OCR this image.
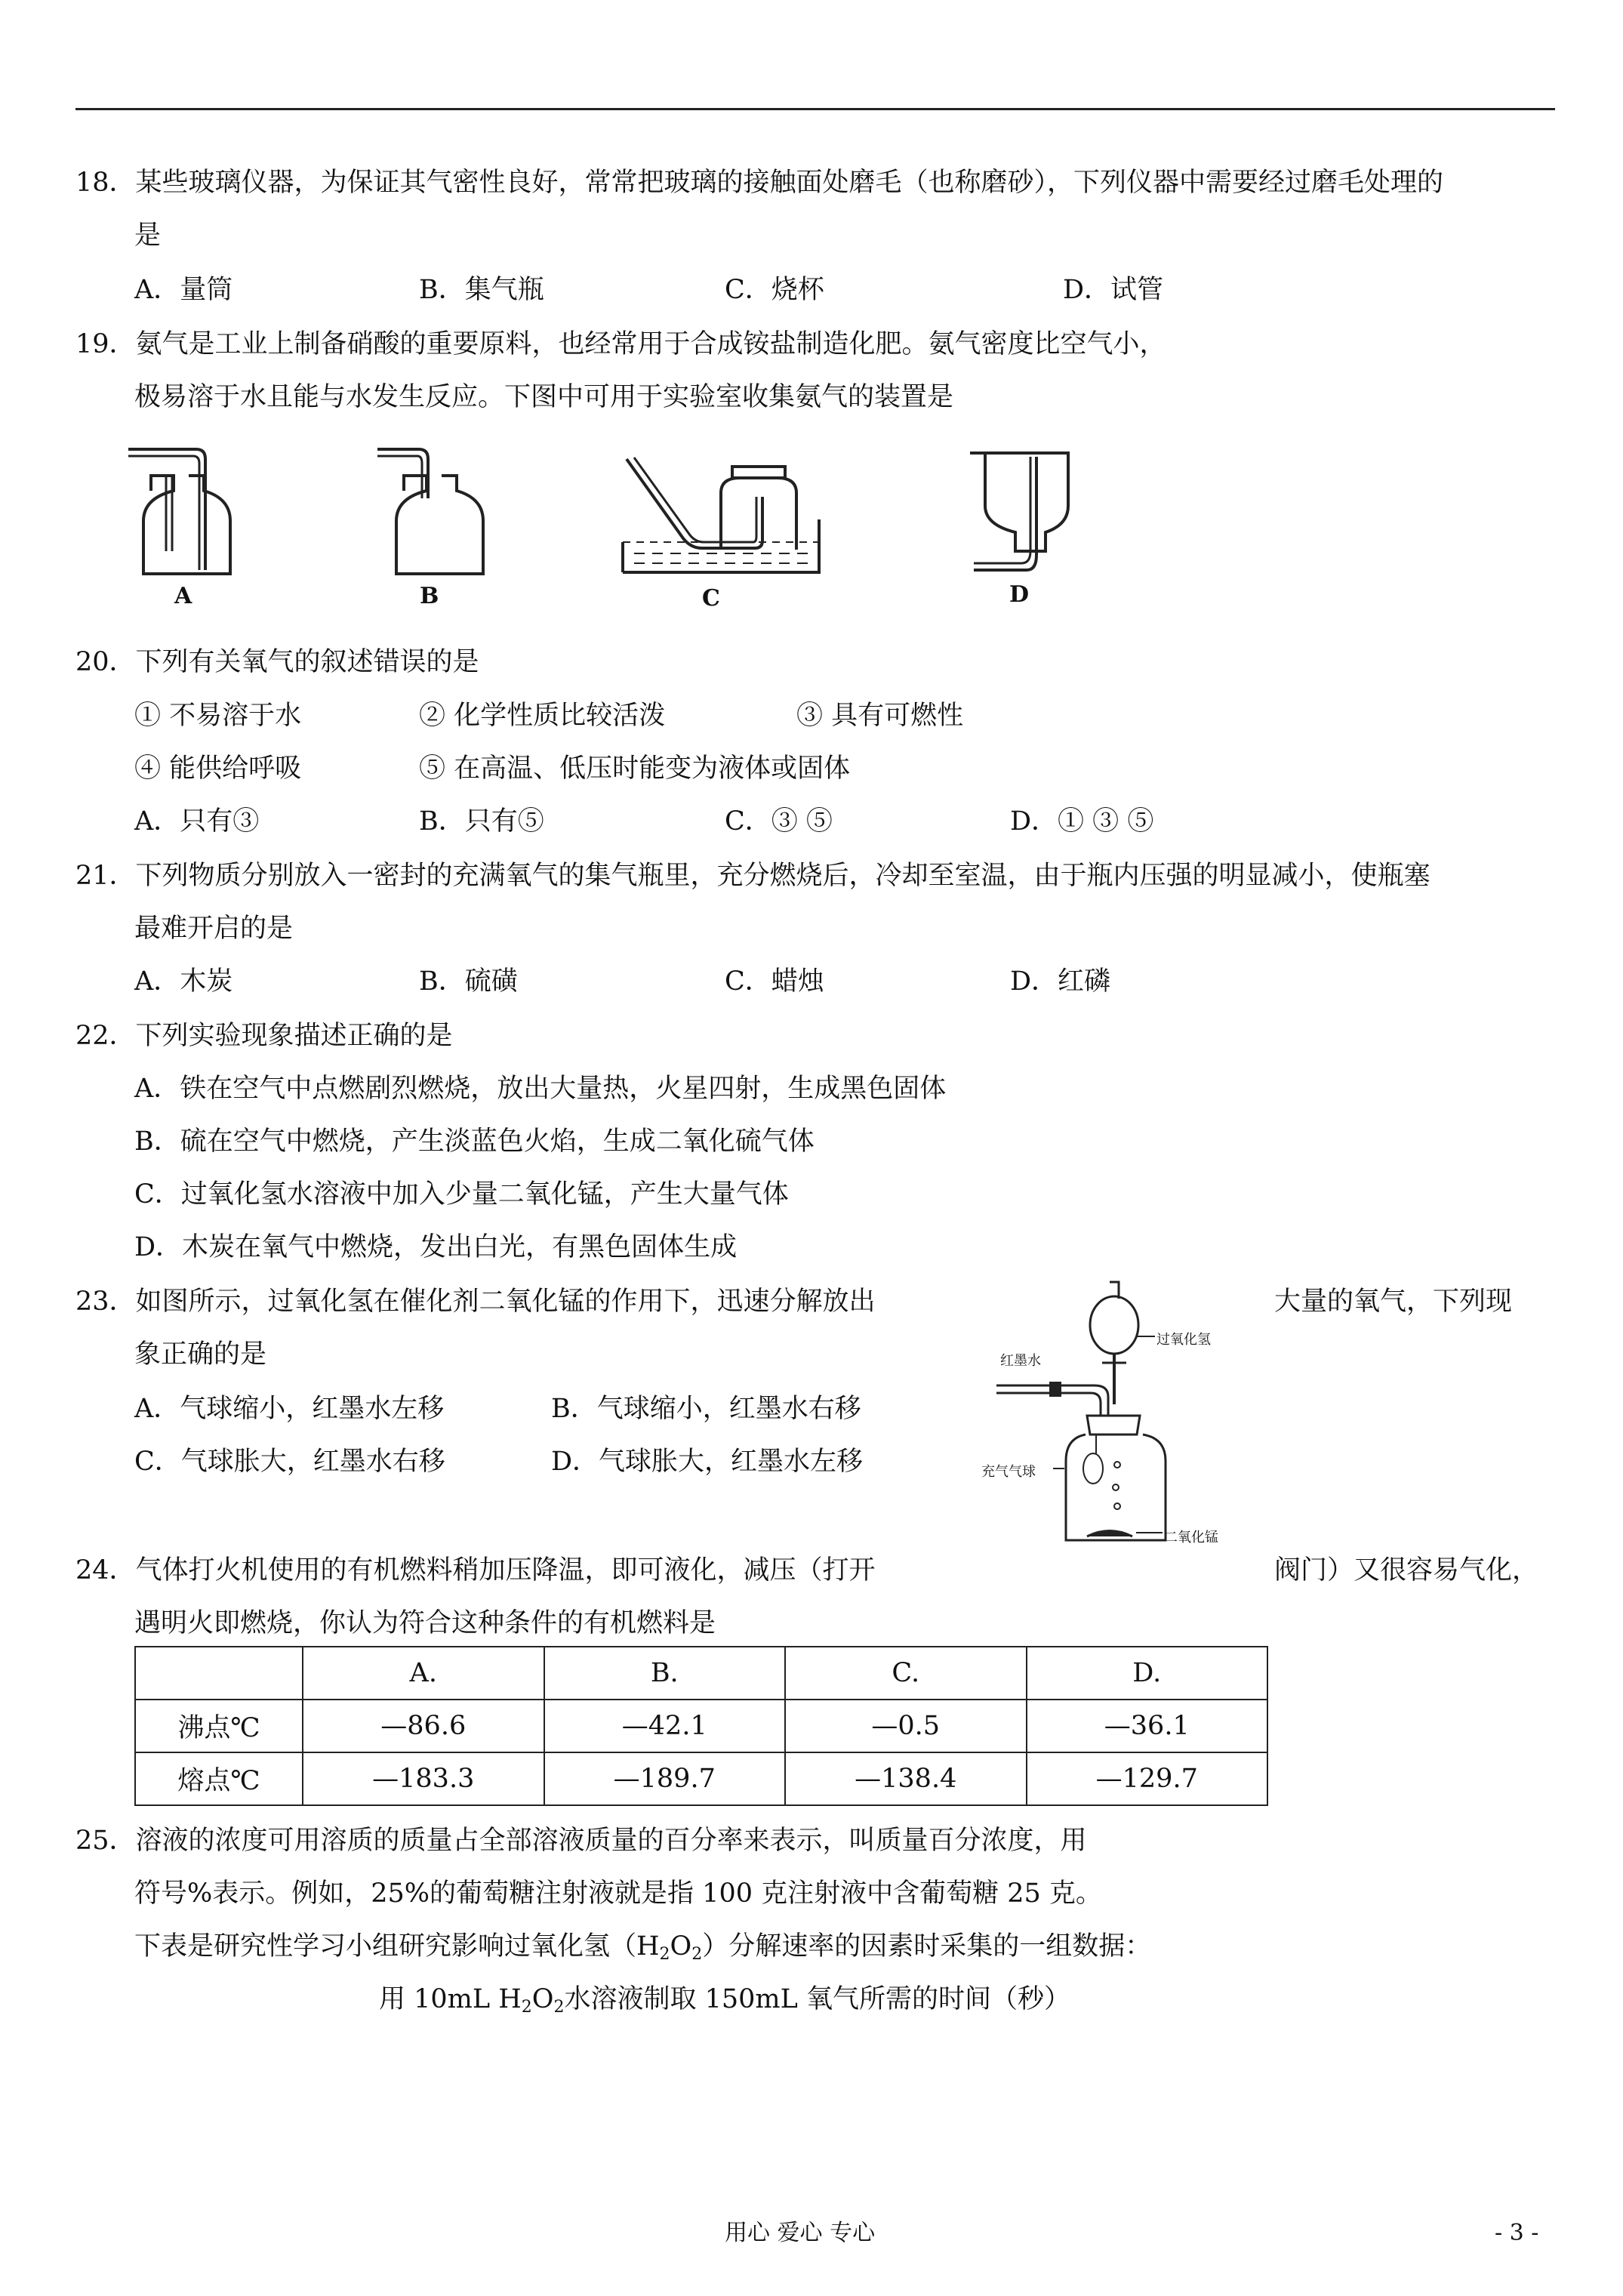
18．某些玻璃仪器，为保证其气密性良好，常常把玻璃的接触面处磨毛（也称磨砂），下列仪器中需要经过磨毛处理的
是
A．量筒	B．集气瓶	C．烧杯	D．试管
19．氨气是工业上制备硝酸的重要原料，也经常用于合成铵盐制造化肥。氨气密度比空气小，
极易溶于水且能与水发生反应。下图中可用于实验室收集氨气的装置是
A	B	C	D
20．下列有关氧气的叙述错误的是
① 不易溶于水	② 化学性质比较活泼	③ 具有可燃性
④ 能供给呼吸	⑤ 在高温、低压时能变为液体或固体
A．只有③	B．只有⑤	C．③ ⑤	D．① ③ ⑤
21．下列物质分别放入一密封的充满氧气的集气瓶里，充分燃烧后，冷却至室温，由于瓶内压强的明显减小，使瓶塞
最难开启的是
A．木炭	B．硫磺	C．蜡烛	D．红磷
22．下列实验现象描述正确的是
A．铁在空气中点燃剧烈燃烧，放出大量热，火星四射，生成黑色固体
B．硫在空气中燃烧，产生淡蓝色火焰，生成二氧化硫气体
C．过氧化氢水溶液中加入少量二氧化锰，产生大量气体
D．木炭在氧气中燃烧，发出白光，有黑色固体生成
23．如图所示，过氧化氢在催化剂二氧化锰的作用下，迅速分解放出	大量的氧气，下列现
象正确的是
A．气球缩小，红墨水左移	B．气球缩小，红墨水右移
C．气球胀大，红墨水右移	D．气球胀大，红墨水左移
红墨水
过氧化氢
充气气球
二氧化锰
24．气体打火机使用的有机燃料稍加压降温，即可液化，减压（打开	阀门）又很容易气化，
遇明火即燃烧，你认为符合这种条件的有机燃料是
	A.	B.	C.	D.
沸点℃	—86.6	—42.1	—0.5	—36.1
熔点℃	—183.3	—189.7	—138.4	—129.7
25．溶液的浓度可用溶质的质量占全部溶液质量的百分率来表示，叫质量百分浓度，用
符号%表示。例如，25%的葡萄糖注射液就是指 100 克注射液中含葡萄糖 25 克。
下表是研究性学习小组研究影响过氧化氢$(H_2O_2)$分解速率的因素时采集的一组数据：
用 10mL $H_2O_2$水溶液制取 150mL 氧气所需的时间（秒）
用心 爱心 专心	- 3 -
